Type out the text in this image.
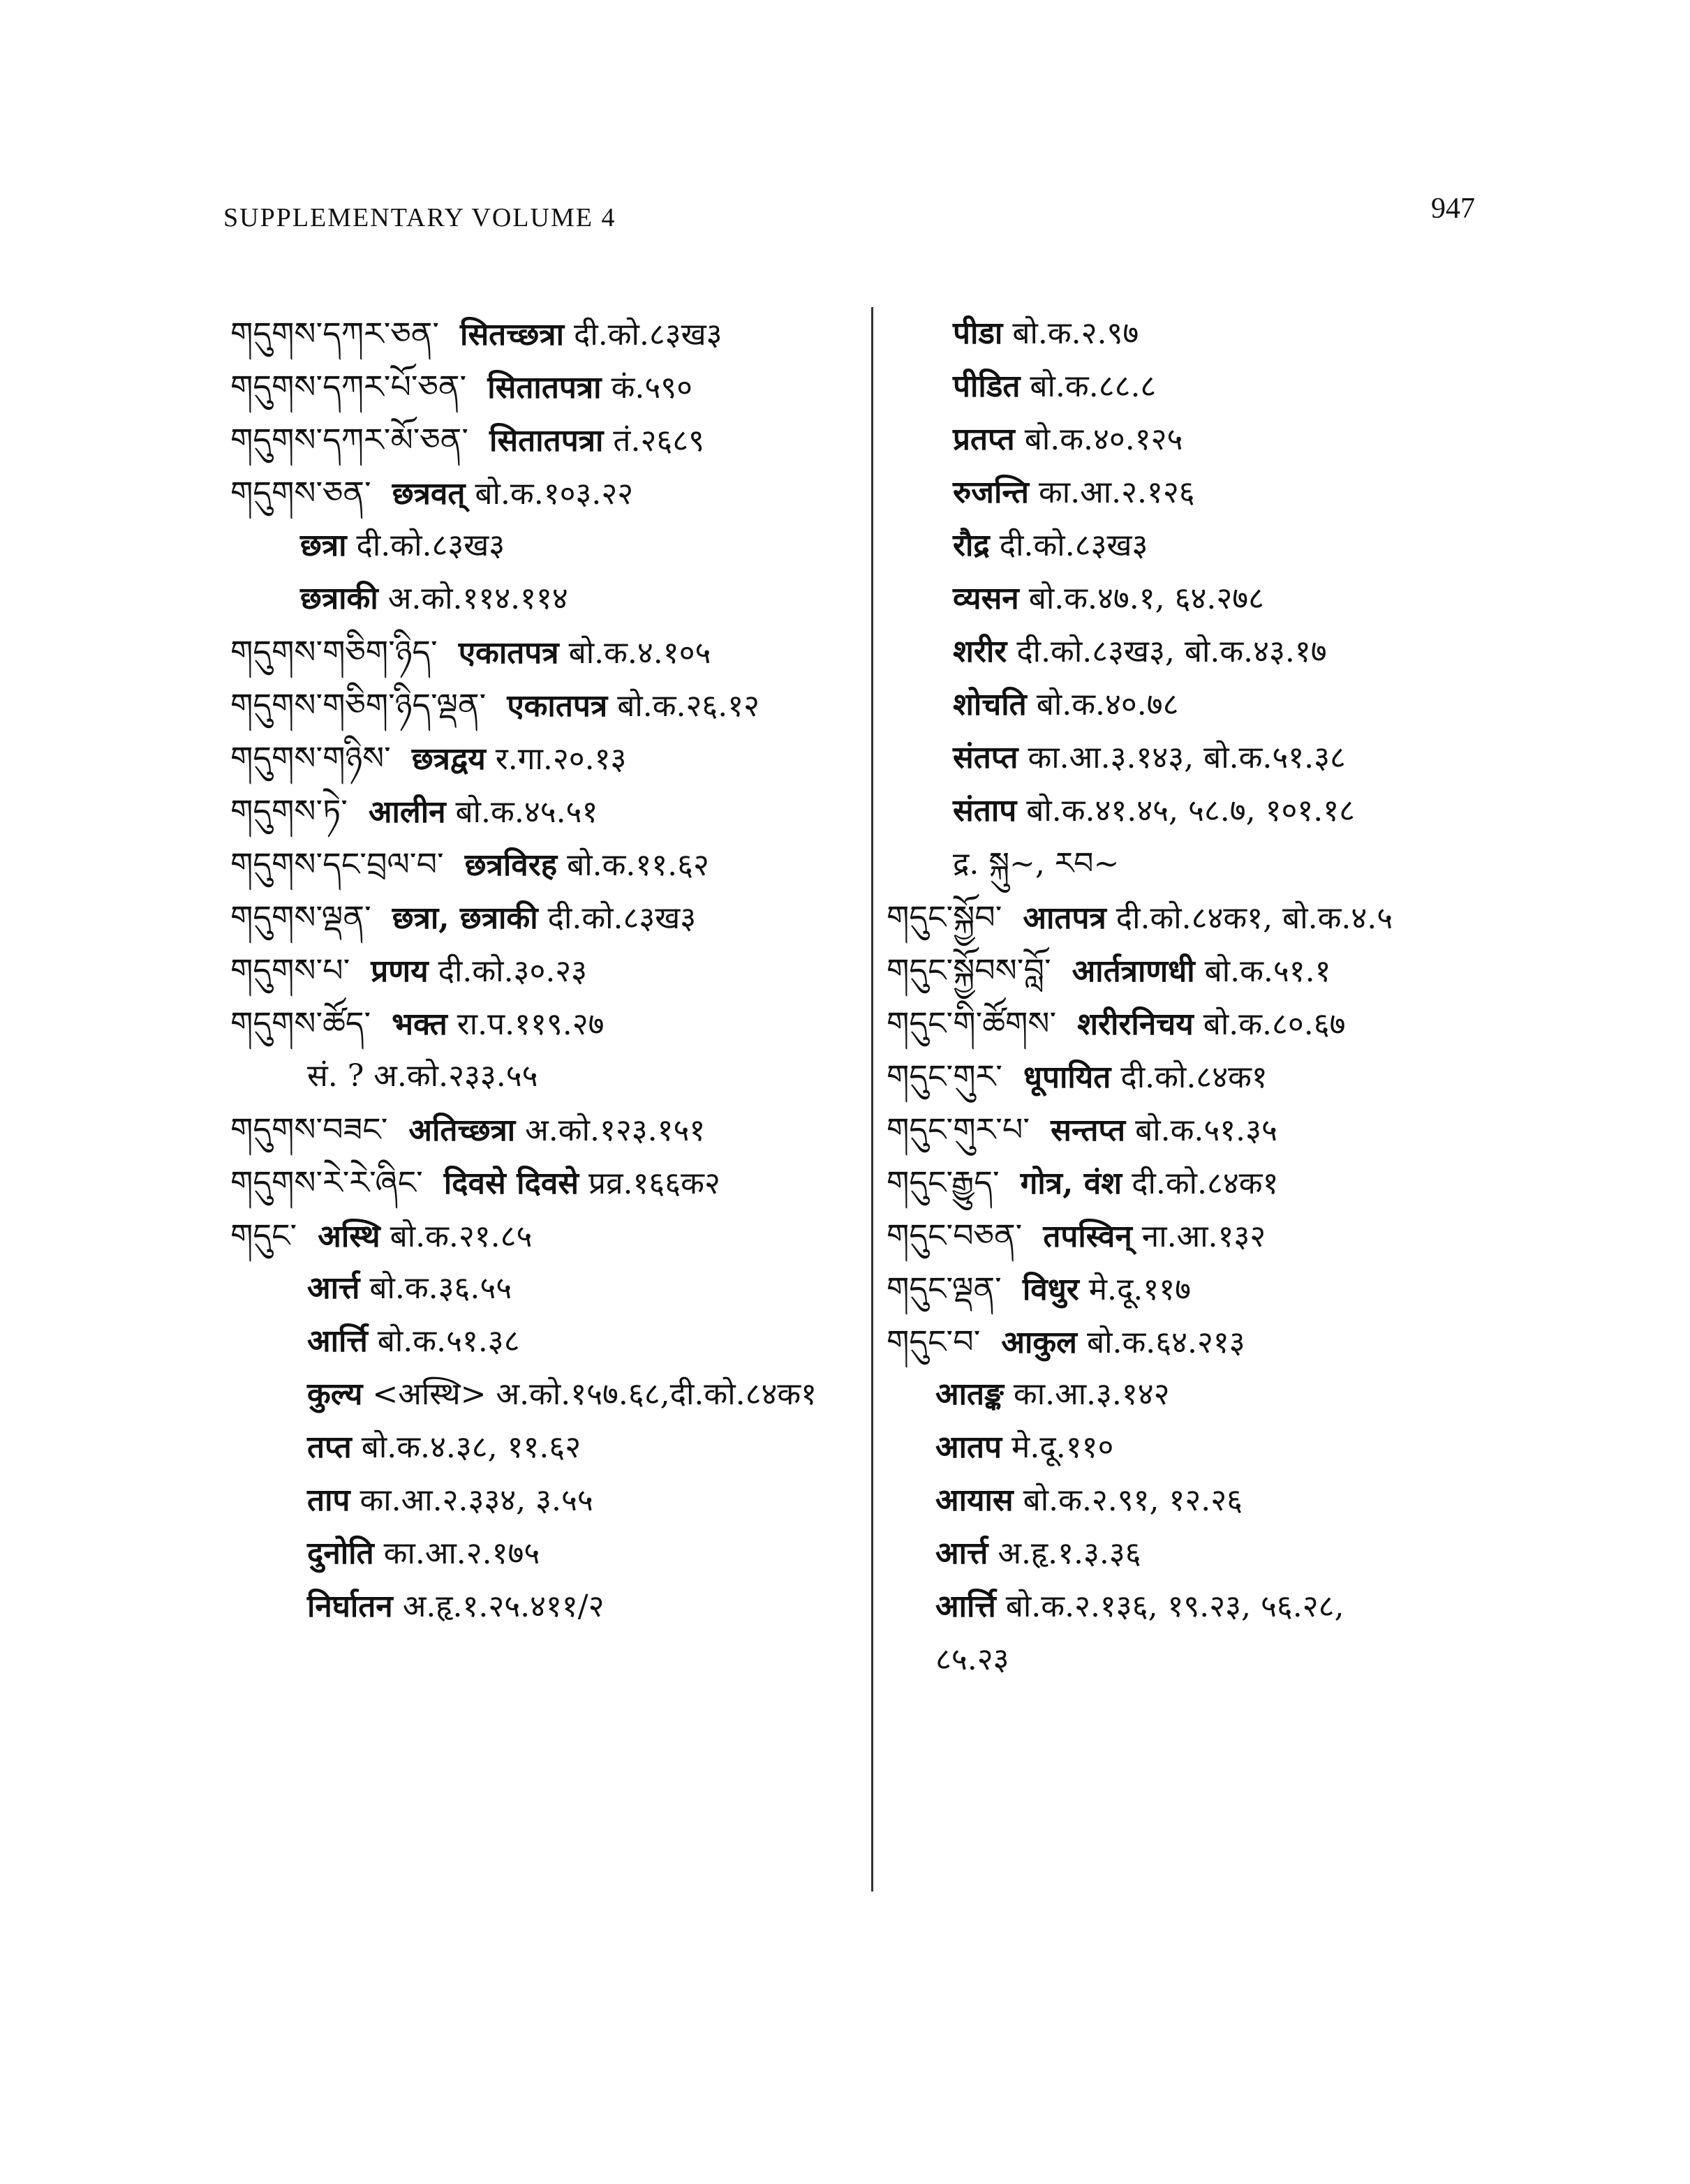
SUPPLEMENTARY VOLUME 4	947
གདུགས་དཀར་ཅན་ सितच्छत्रा दी.को.८३ख३
གདུགས་དཀར་པོ་ཅན་ सितातपत्रा कं.५९०
གདུགས་དཀར་མོ་ཅན་ सितातपत्रा तं.२६८९
གདུགས་ཅན་ छत्रवत् बो.क.१०३.२२
छत्रा दी.को.८३ख३
छत्राकी अ.को.११४.११४
གདུགས་གཅིག་ཉིད་ एकातपत्र बो.क.४.१०५
གདུགས་གཅིག་ཉིད་ལྡན་ एकातपत्र बो.क.२६.१२
གདུགས་གཉིས་ छत्रद्वय र.गा.२०.१३
གདུགས་ཏེ་ आलीन बो.क.४५.५१
གདུགས་དང་བྲལ་བ་ छत्रविरह बो.क.११.६२
གདུགས་ལྡན་ छत्रा, छत्राकी दी.को.८३ख३
གདུགས་པ་ प्रणय दी.को.३०.२३
གདུགས་ཚོད་ भक्त रा.प.११९.२७
सं. ? अ.को.२३३.५५
གདུགས་བཟང་ अतिच्छत्रा अ.को.१२३.१५१
གདུགས་རེ་རེ་ཞིང་ दिवसे दिवसे प्रव्र.१६६क२
གདུང་ अस्थि बो.क.२१.८५
आर्त्त बो.क.३६.५५
आर्त्ति बो.क.५१.३८
कुल्य <अस्थि> अ.को.१५७.६८,दी.को.८४क१
तप्त बो.क.४.३८, ११.६२
ताप का.आ.२.३३४, ३.५५
दुनोति का.आ.२.१७५
निर्घातन अ.हृ.१.२५.४११/२
पीडा बो.क.२.९७
पीडित बो.क.८८.८
प्रतप्त बो.क.४०.१२५
रुजन्ति का.आ.२.१२६
रौद्र दी.को.८३ख३
व्यसन बो.क.४७.१, ६४.२७८
शरीर दी.को.८३ख३, बो.क.४३.१७
शोचति बो.क.४०.७८
संतप्त का.आ.३.१४३, बो.क.५१.३८
संताप बो.क.४१.४५, ५८.७, १०१.१८
द्र. སྐུ~, རབ~
གདུང་སྐྱོབ་ आतपत्र दी.को.८४क१, बो.क.४.५
གདུང་སྐྱོབས་བློ་ आर्तत्राणधी बो.क.५१.१
གདུང་གི་ཚོགས་ शरीरनिचय बो.क.८०.६७
གདུང་གུར་ धूपायित दी.को.८४क१
གདུང་གུར་པ་ सन्तप्त बो.क.५१.३५
གདུང་རྒྱུད་ गोत्र, वंश दी.को.८४क१
གདུང་བཅན་ तपस्विन् ना.आ.१३२
གདུང་ལྡན་ विधुर मे.दू.११७
གདུང་བ་ आकुल बो.क.६४.२१३
आतङ्क का.आ.३.१४२
आतप मे.दू.११०
आयास बो.क.२.९१, १२.२६
आर्त्त अ.हृ.१.३.३६
आर्त्ति बो.क.२.१३६, १९.२३, ५६.२८,
८५.२३
